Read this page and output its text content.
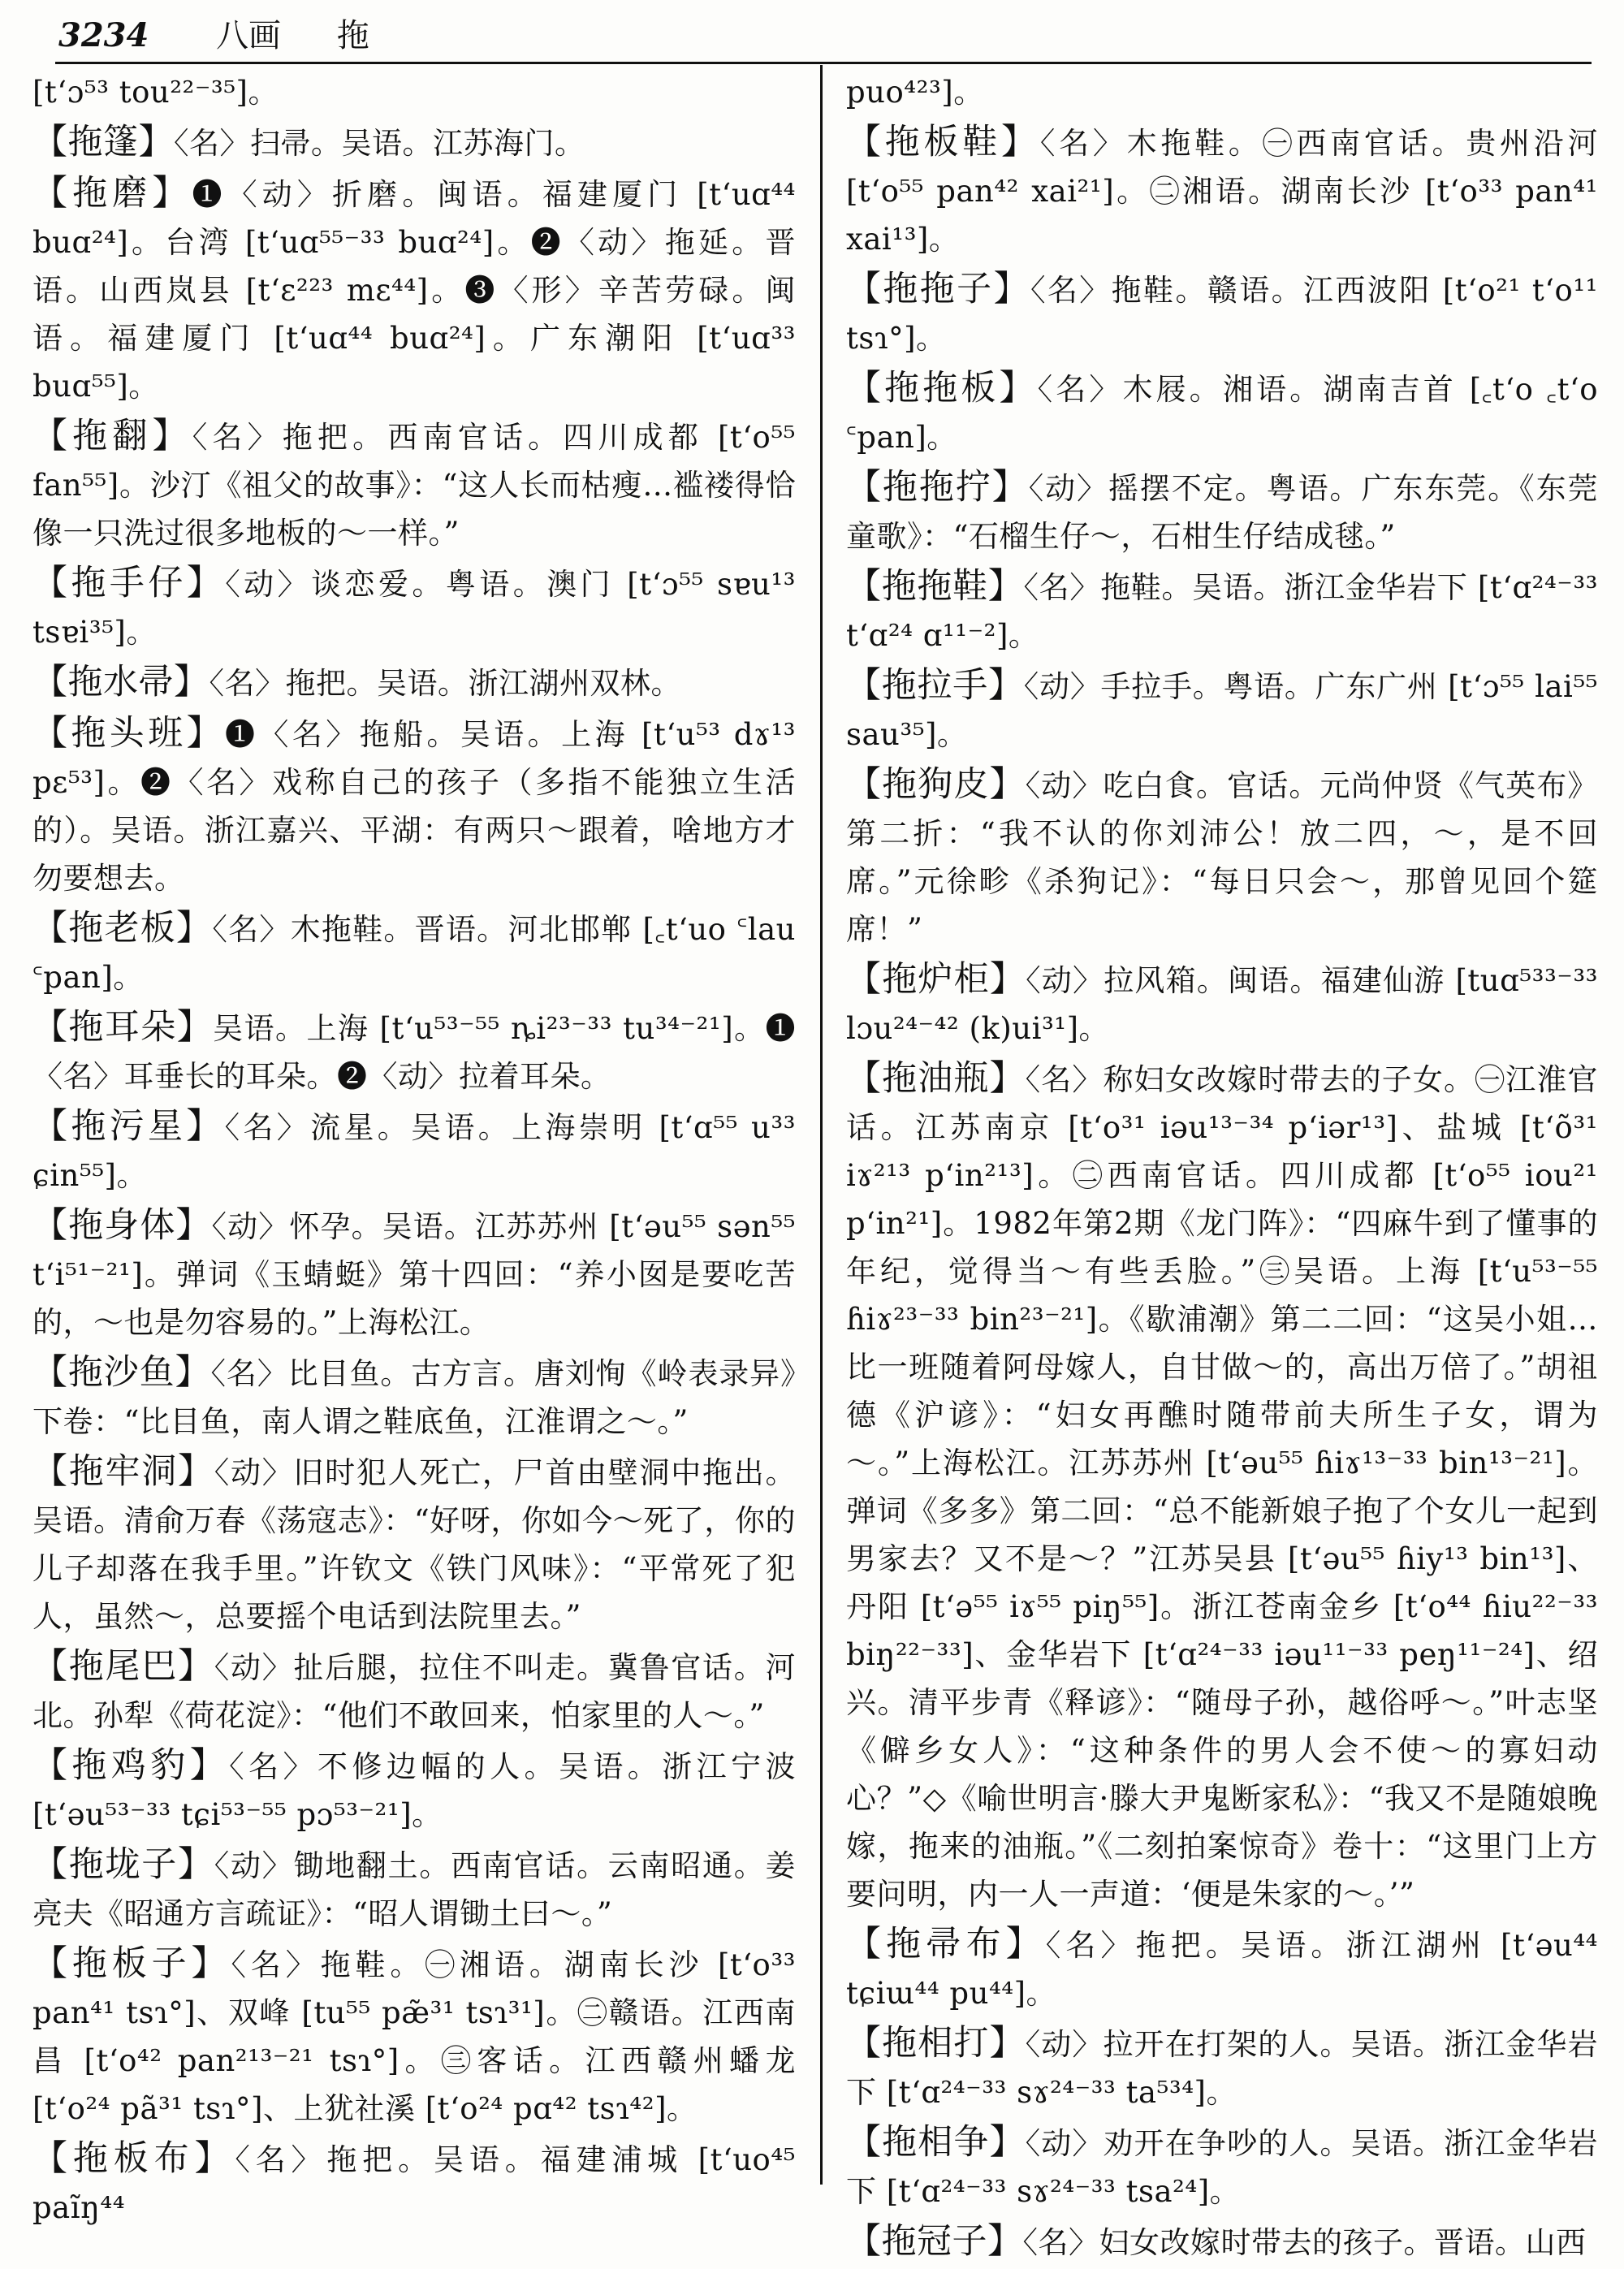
3234 八画 拖
[tʻɔ⁵³ tou²²⁻³⁵]。
【拖篷】〈名〉扫帚。吴语。江苏海门。
【拖磨】❶〈动〉折磨。闽语。福建厦门 [tʻuɑ⁴⁴ buɑ²⁴]。台湾 [tʻuɑ⁵⁵⁻³³ buɑ²⁴]。❷〈动〉拖延。晋语。山西岚县 [tʻɛ²²³ mɛ⁴⁴]。❸〈形〉辛苦劳碌。闽语。福建厦门 [tʻuɑ⁴⁴ buɑ²⁴]。广东潮阳 [tʻuɑ³³ buɑ⁵⁵]。
【拖翻】〈名〉拖把。西南官话。四川成都 [tʻo⁵⁵ fan⁵⁵]。沙汀《祖父的故事》：“这人长而枯瘦…褴褛得恰像一只洗过很多地板的～一样。”
【拖手仔】〈动〉谈恋爱。粤语。澳门 [tʻɔ⁵⁵ sɐu¹³ tsɐi³⁵]。
【拖水帚】〈名〉拖把。吴语。浙江湖州双林。
【拖头班】❶〈名〉拖船。吴语。上海 [tʻu⁵³ dɤ¹³ pɛ⁵³]。❷〈名〉戏称自己的孩子（多指不能独立生活的）。吴语。浙江嘉兴、平湖：有两只～跟着，啥地方才勿要想去。
【拖老板】〈名〉木拖鞋。晋语。河北邯郸 [꜀tʻuo ꜂lau ꜂pan]。
【拖耳朵】吴语。上海 [tʻu⁵³⁻⁵⁵ ȵi²³⁻³³ tu³⁴⁻²¹]。❶〈名〉耳垂长的耳朵。❷〈动〉拉着耳朵。
【拖污星】〈名〉流星。吴语。上海崇明 [tʻɑ⁵⁵ u³³ ɕin⁵⁵]。
【拖身体】〈动〉怀孕。吴语。江苏苏州 [tʻəu⁵⁵ sən⁵⁵ tʻi⁵¹⁻²¹]。弹词《玉蜻蜓》第十四回：“养小囡是要吃苦的，～也是勿容易的。”上海松江。
【拖沙鱼】〈名〉比目鱼。古方言。唐刘恂《岭表录异》下卷：“比目鱼，南人谓之鞋底鱼，江淮谓之～。”
【拖牢洞】〈动〉旧时犯人死亡，尸首由壁洞中拖出。吴语。清俞万春《荡寇志》：“好呀，你如今～死了，你的儿子却落在我手里。”许钦文《铁门风味》：“平常死了犯人，虽然～，总要摇个电话到法院里去。”
【拖尾巴】〈动〉扯后腿，拉住不叫走。冀鲁官话。河北。孙犁《荷花淀》：“他们不敢回来，怕家里的人～。”
【拖鸡豹】〈名〉不修边幅的人。吴语。浙江宁波 [tʻəu⁵³⁻³³ tɕi⁵³⁻⁵⁵ pɔ⁵³⁻²¹]。
【拖垅子】〈动〉锄地翻土。西南官话。云南昭通。姜亮夫《昭通方言疏证》：“昭人谓锄土曰～。”
【拖板子】〈名〉拖鞋。㊀湘语。湖南长沙 [tʻo³³ pan⁴¹ tsɿ°]、双峰 [tu⁵⁵ pæ̃³¹ tsɿ³¹]。㊁赣语。江西南昌 [tʻo⁴² pan²¹³⁻²¹ tsɿ°]。㊂客话。江西赣州蟠龙 [tʻo²⁴ pã³¹ tsɿ°]、上犹社溪 [tʻo²⁴ pɑ⁴² tsɿ⁴²]。
【拖板布】〈名〉拖把。吴语。福建浦城 [tʻuo⁴⁵ paĩŋ⁴⁴
puo⁴²³]。
【拖板鞋】〈名〉木拖鞋。㊀西南官话。贵州沿河 [tʻo⁵⁵ pan⁴² xai²¹]。㊁湘语。湖南长沙 [tʻo³³ pan⁴¹ xai¹³]。
【拖拖子】〈名〉拖鞋。赣语。江西波阳 [tʻo²¹ tʻo¹¹ tsɿ°]。
【拖拖板】〈名〉木屐。湘语。湖南吉首 [꜀tʻo ꜀tʻo ꜂pan]。
【拖拖拧】〈动〉摇摆不定。粤语。广东东莞。《东莞童歌》：“石榴生仔～，石柑生仔结成毬。”
【拖拖鞋】〈名〉拖鞋。吴语。浙江金华岩下 [tʻɑ²⁴⁻³³ tʻɑ²⁴ ɑ¹¹⁻²]。
【拖拉手】〈动〉手拉手。粤语。广东广州 [tʻɔ⁵⁵ lai⁵⁵ sau³⁵]。
【拖狗皮】〈动〉吃白食。官话。元尚仲贤《气英布》第二折：“我不认的你刘沛公！放二四，～，是不回席。”元徐畛《杀狗记》：“每日只会～，那曾见回个筵席！”
【拖炉柜】〈动〉拉风箱。闽语。福建仙游 [tuɑ⁵³³⁻³³ lɔu²⁴⁻⁴² (k)ui³¹]。
【拖油瓶】〈名〉称妇女改嫁时带去的子女。㊀江淮官话。江苏南京 [tʻo³¹ iəu¹³⁻³⁴ pʻiər¹³]、盐城 [tʻõ³¹ iɤ²¹³ pʻin²¹³]。㊁西南官话。四川成都 [tʻo⁵⁵ iou²¹ pʻin²¹]。1982年第2期《龙门阵》：“四麻牛到了懂事的年纪，觉得当～有些丢脸。”㊂吴语。上海 [tʻu⁵³⁻⁵⁵ ɦiɤ²³⁻³³ bin²³⁻²¹]。《歇浦潮》第二二回：“这吴小姐…比一班随着阿母嫁人，自甘做～的，高出万倍了。”胡祖德《沪谚》：“妇女再醮时随带前夫所生子女，谓为～。”上海松江。江苏苏州 [tʻəu⁵⁵ ɦiɤ¹³⁻³³ bin¹³⁻²¹]。弹词《多多》第二回：“总不能新娘子抱了个女儿一起到男家去？又不是～？”江苏吴县 [tʻəu⁵⁵ ɦiy¹³ bin¹³]、丹阳 [tʻə⁵⁵ iɤ⁵⁵ piŋ⁵⁵]。浙江苍南金乡 [tʻo⁴⁴ ɦiu²²⁻³³ biŋ²²⁻³³]、金华岩下 [tʻɑ²⁴⁻³³ iəu¹¹⁻³³ peŋ¹¹⁻²⁴]、绍兴。清平步青《释谚》：“随母子孙，越俗呼～。”叶志坚《僻乡女人》：“这种条件的男人会不使～的寡妇动心？”◇《喻世明言·滕大尹鬼断家私》：“我又不是随娘晚嫁，拖来的油瓶。”《二刻拍案惊奇》卷十：“这里门上方要问明，内一人一声道：‘便是朱家的～。’”
【拖帚布】〈名〉拖把。吴语。浙江湖州 [tʻəu⁴⁴ tɕiɯ⁴⁴ pu⁴⁴]。
【拖相打】〈动〉拉开在打架的人。吴语。浙江金华岩下 [tʻɑ²⁴⁻³³ sɤ²⁴⁻³³ ta⁵³⁴]。
【拖相争】〈动〉劝开在争吵的人。吴语。浙江金华岩下 [tʻɑ²⁴⁻³³ sɤ²⁴⁻³³ tsa²⁴]。
【拖冠子】〈名〉妇女改嫁时带去的孩子。晋语。山西
